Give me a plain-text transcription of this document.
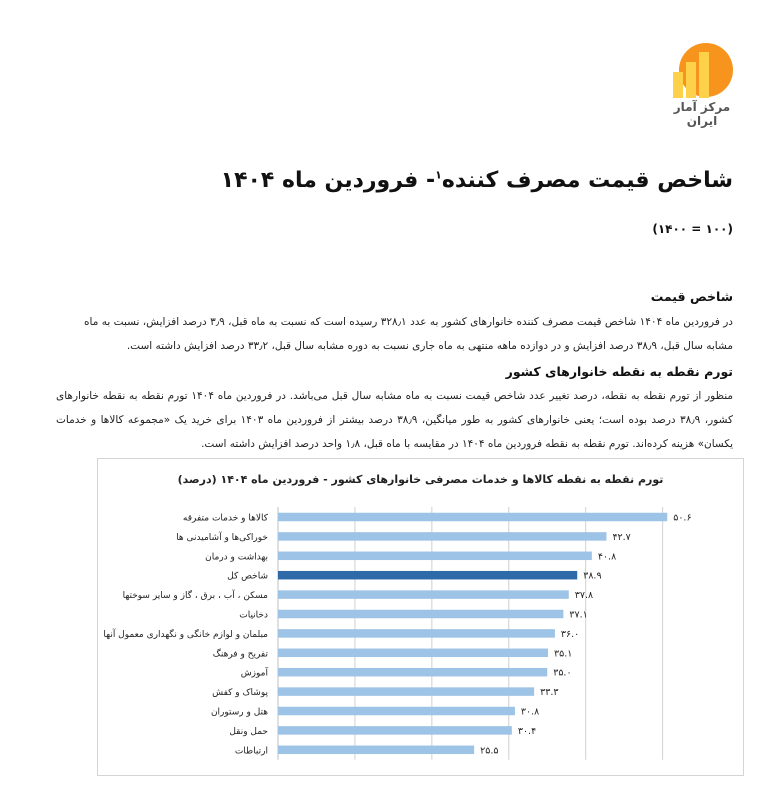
مرکز آمار ایران
شاخص قیمت مصرف کننده$^۱$- فروردین ماه ۱۴۰۴
(۱۰۰ = ۱۴۰۰)
شاخص قیمت
در فروردین ماه ۱۴۰۴ شاخص قیمت مصرف کننده خانوارهای کشور به عدد ۳۲۸٫۱ رسیده است که نسبت به ماه قبل، ۳٫۹ درصد افزایش، نسبت به ماه مشابه سال قبل، ۳۸٫۹ درصد افزایش و در دوازده ماهه منتهی به ماه جاری نسبت به دوره مشابه سال قبل، ۳۳٫۲ درصد افزایش داشته است.
تورم نقطه به نقطه خانوارهای کشور
منظور از تورم نقطه به نقطه، درصد تغییر عدد شاخص قیمت نسبت به ماه مشابه سال قبل می‌باشد. در فروردین ماه ۱۴۰۴ تورم نقطه به نقطه خانوارهای کشور، ۳۸٫۹ درصد بوده است؛ یعنی خانوارهای کشور به طور میانگین، ۳۸٫۹ درصد بیشتر از فروردین ماه ۱۴۰۳ برای خرید یک «مجموعه کالاها و خدمات یکسان» هزینه کرده‌اند. تورم نقطه به نقطه فروردین ماه ۱۴۰۴ در مقایسه با ماه قبل، ۱٫۸ واحد درصد افزایش داشته است.
تورم نقطه به نقطه کالاها و خدمات مصرفی خانوارهای کشور - فروردین ماه ۱۴۰۴ (درصد)
کالاها و خدمات متفرقه	۵۰.۶
خوراکی‌ها و آشامیدنی ها	۴۲.۷
بهداشت و درمان	۴۰.۸
شاخص کل	۳۸.۹
مسکن ، آب ، برق ، گاز و سایر سوختها	۳۷.۸
دخانیات	۳۷.۱
مبلمان و لوازم خانگی و نگهداری معمول آنها	۳۶.۰
تفریح و فرهنگ	۳۵.۱
آموزش	۳۵.۰
پوشاک و کفش	۳۳.۳
هتل و رستوران	۳۰.۸
حمل ونقل	۳۰.۴
ارتباطات	۲۵.۵
